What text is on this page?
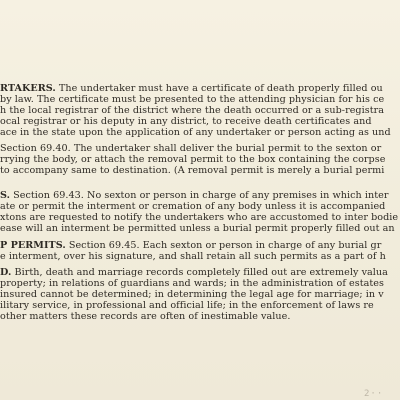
RTAKERS. The undertaker must have a certificate of death properly filled ou
by law. The certificate must be presented to the attending physician for his ce
h the local registrar of the district where the death occurred or a sub-registra
ocal registrar or his deputy in any district, to receive death certificates and
ace in the state upon the application of any undertaker or person acting as und
Section 69.40. The undertaker shall deliver the burial permit to the sexton or
rrying the body, or attach the removal permit to the box containing the corpse
to accompany same to destination. (A removal permit is merely a burial permi
S. Section 69.43. No sexton or person in charge of any premises in which inter
ate or permit the interment or cremation of any body unless it is accompanied
xtons are requested to notify the undertakers who are accustomed to inter bodie
ease will an interment be permitted unless a burial permit properly filled out an
P PERMITS. Section 69.45. Each sexton or person in charge of any burial gr
e interment, over his signature, and shall retain all such permits as a part of h
D. Birth, death and marriage records completely filled out are extremely valua
property; in relations of guardians and wards; in the administration of estates
insured cannot be determined; in determining the legal age for marriage; in v
ilitary service, in professional and official life; in the enforcement of laws re
other matters these records are often of inestimable value.
2··
